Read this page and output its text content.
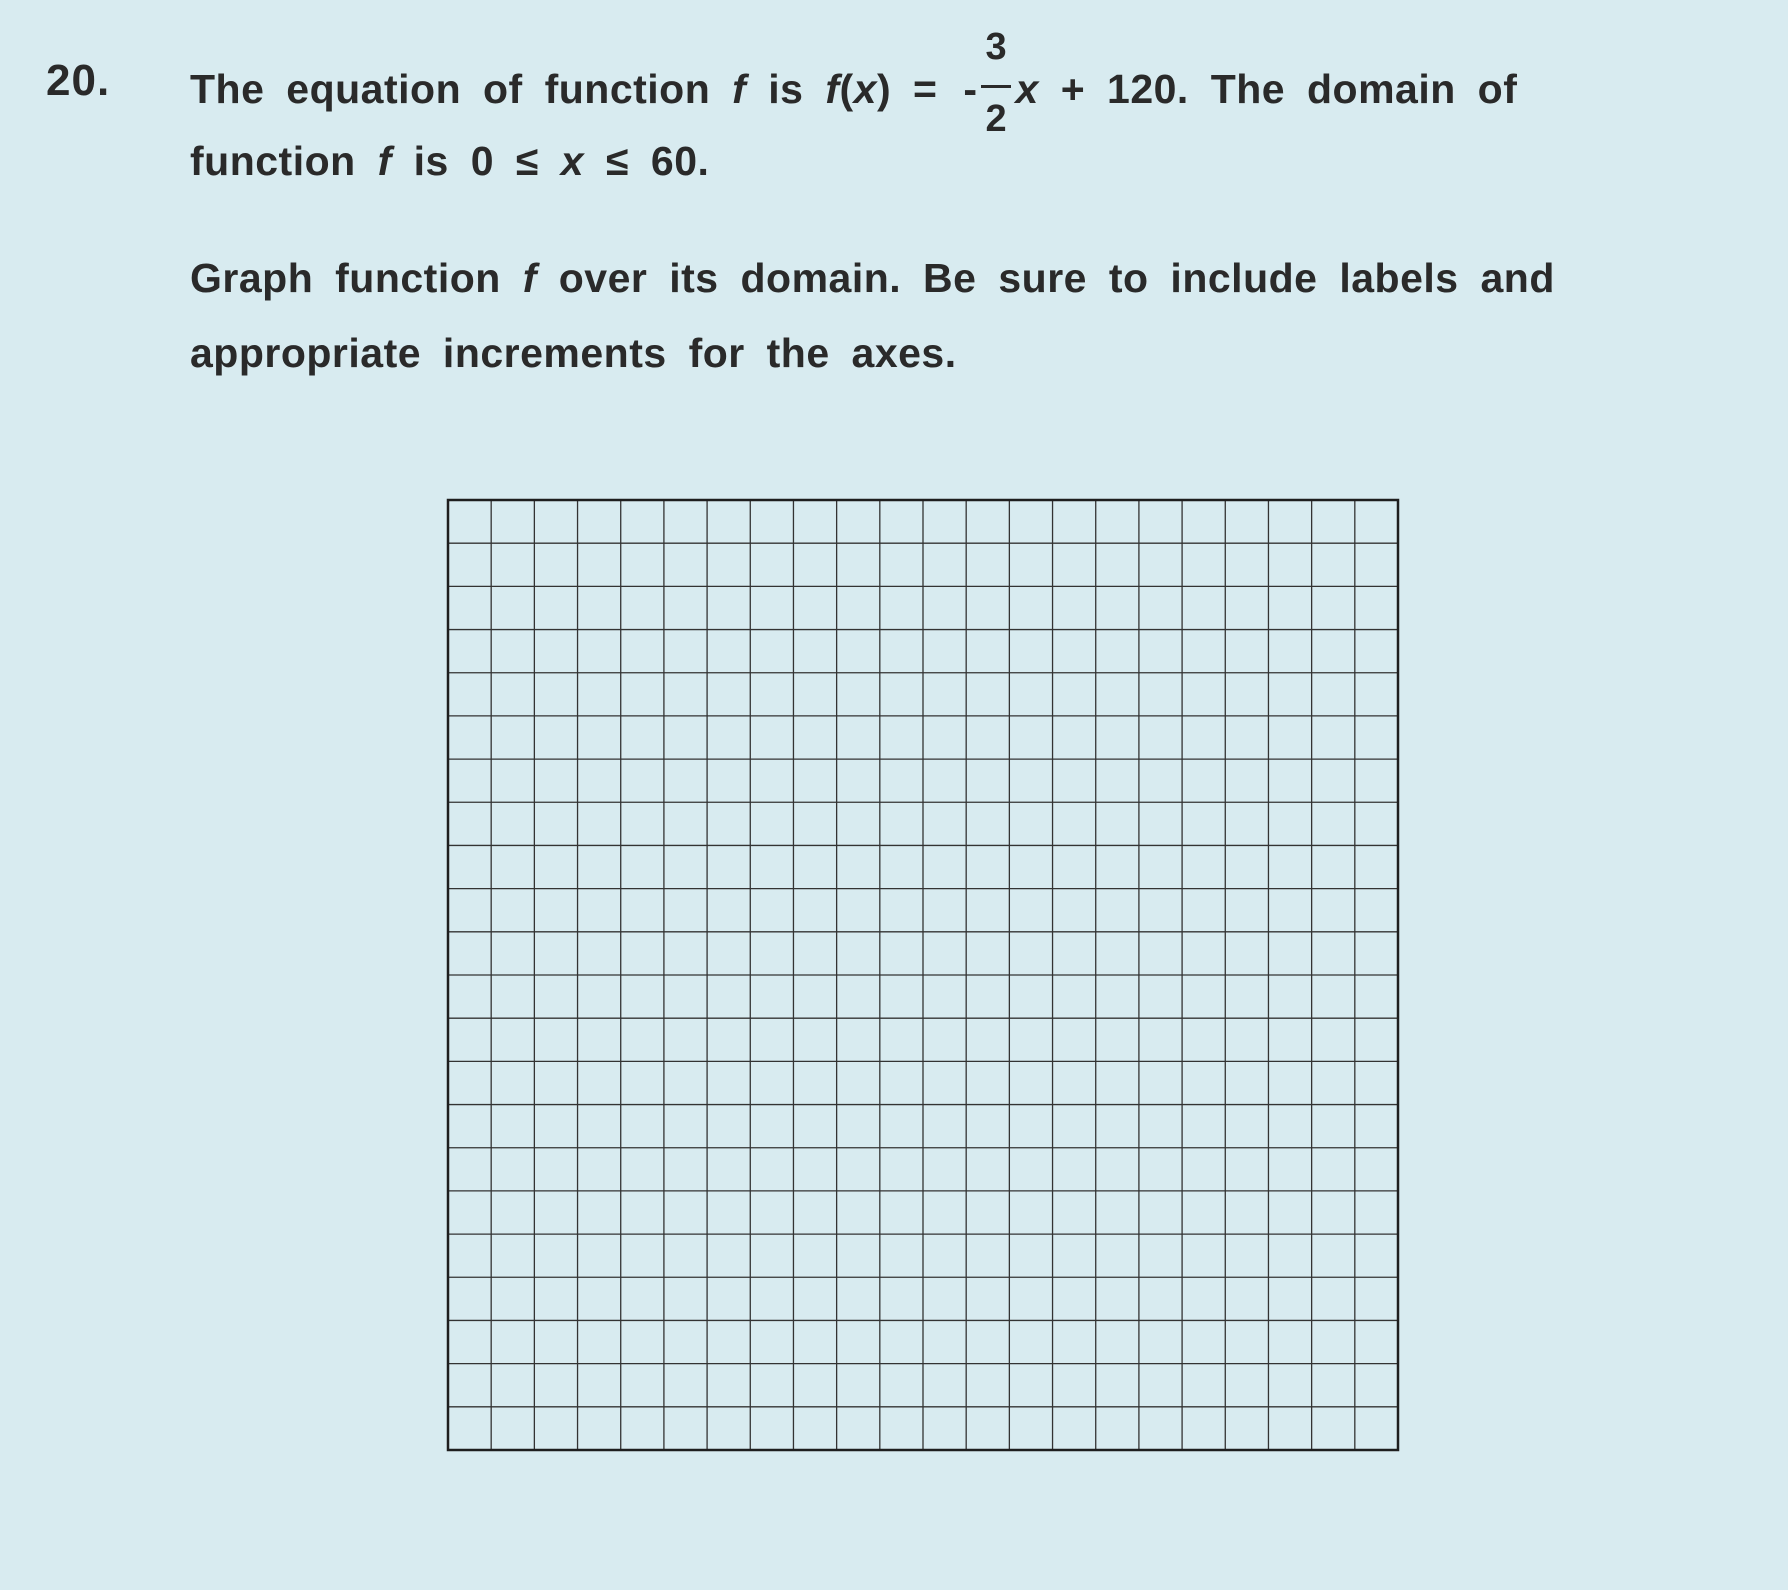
20. The equation of function f is f(x) = - $\frac{3}{2}$ x + 120. The domain of
function f is 0 ≤ x ≤ 60.
Graph function f over its domain. Be sure to include labels and
appropriate increments for the axes.
